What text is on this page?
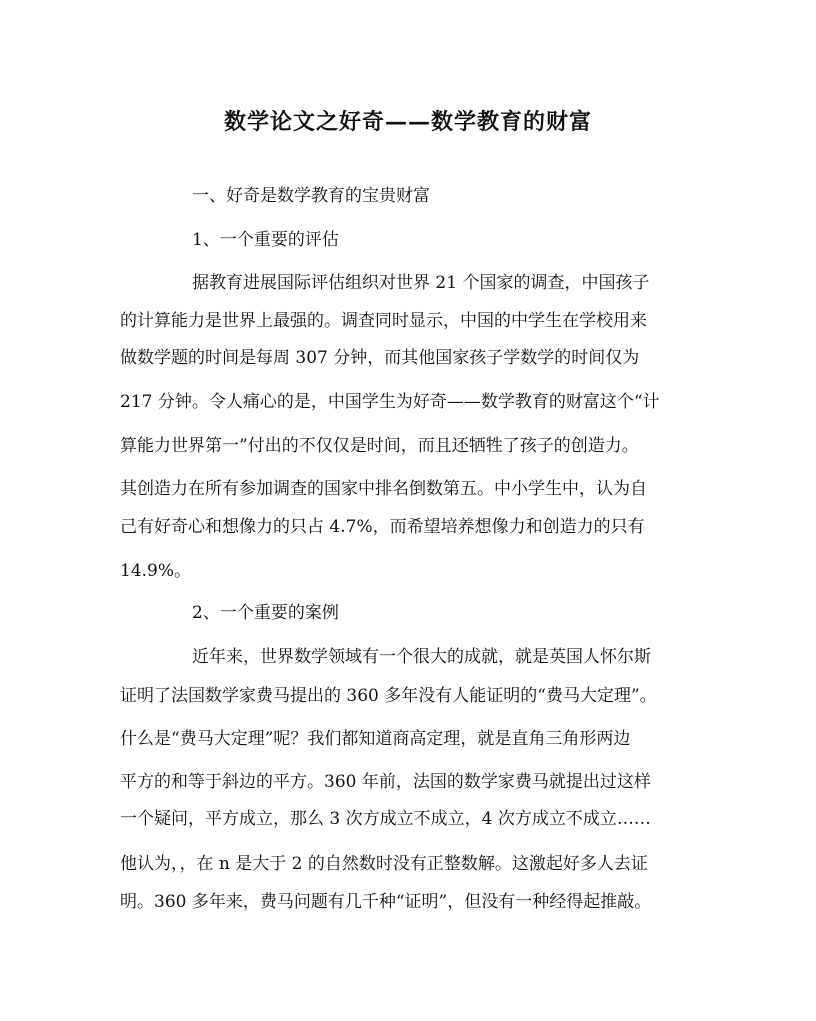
数学论文之好奇——数学教育的财富
一、好奇是数学教育的宝贵财富
1、一个重要的评估
据教育进展国际评估组织对世界 21 个国家的调查，中国孩子
的计算能力是世界上最强的。调查同时显示，中国的中学生在学校用来
做数学题的时间是每周 307 分钟，而其他国家孩子学数学的时间仅为
217 分钟。令人痛心的是，中国学生为好奇——数学教育的财富这个“计
算能力世界第一”付出的不仅仅是时间，而且还牺牲了孩子的创造力。
其创造力在所有参加调查的国家中排名倒数第五。中小学生中，认为自
己有好奇心和想像力的只占 4.7%，而希望培养想像力和创造力的只有
14.9%。
2、一个重要的案例
近年来，世界数学领域有一个很大的成就，就是英国人怀尔斯
证明了法国数学家费马提出的 360 多年没有人能证明的“费马大定理”。
什么是“费马大定理”呢？我们都知道商高定理，就是直角三角形两边
平方的和等于斜边的平方。360 年前，法国的数学家费马就提出过这样
一个疑问，平方成立，那么 3 次方成立不成立，4 次方成立不成立……
他认为，，在 n 是大于 2 的自然数时没有正整数解。这激起好多人去证
明。360 多年来，费马问题有几千种“证明”，但没有一种经得起推敲。
